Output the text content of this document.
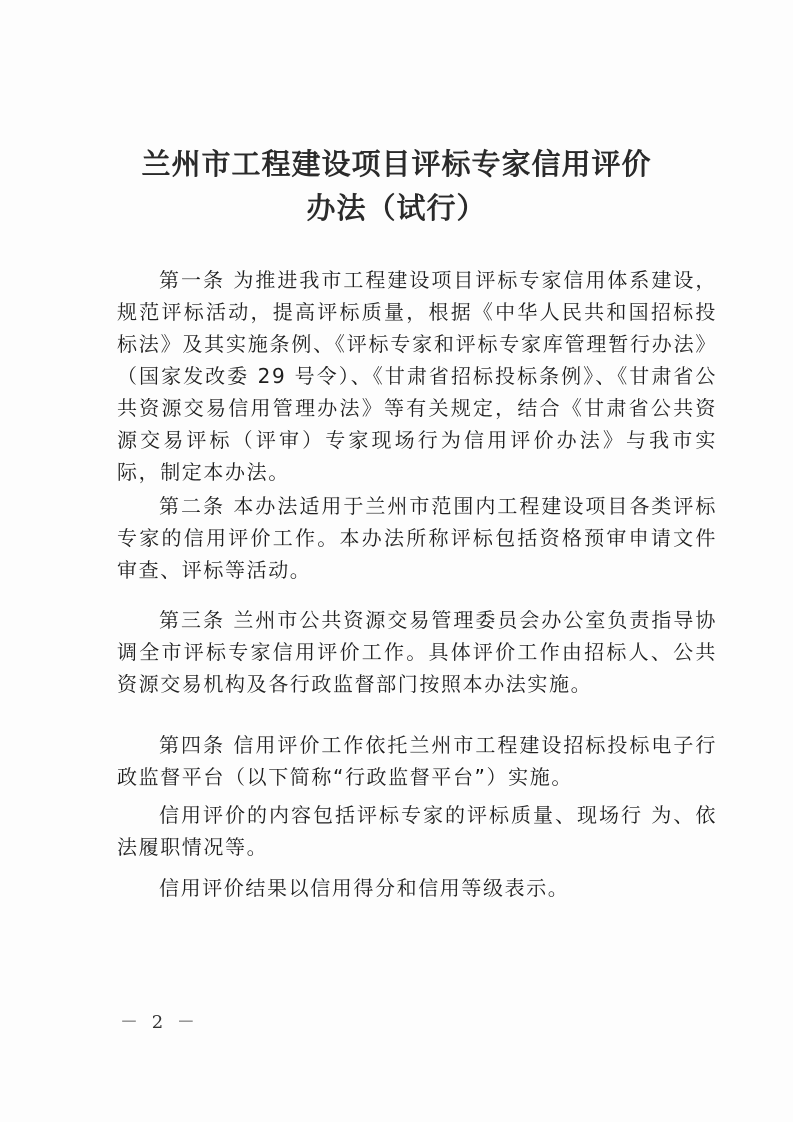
兰州市工程建设项目评标专家信用评价
办法（试行）

第一条 为推进我市工程建设项目评标专家信用体系建设，规范评标活动，提高评标质量，根据《中华人民共和国招标投标法》及其实施条例、《评标专家和评标专家库管理暂行办法》（国家发改委 29 号令）、《甘肃省招标投标条例》、《甘肃省公共资源交易信用管理办法》等有关规定，结合《甘肃省公共资源交易评标（评审）专家现场行为信用评价办法》与我市实际，制定本办法。

第二条 本办法适用于兰州市范围内工程建设项目各类评标专家的信用评价工作。本办法所称评标包括资格预审申请文件审查、评标等活动。

第三条 兰州市公共资源交易管理委员会办公室负责指导协调全市评标专家信用评价工作。具体评价工作由招标人、公共资源交易机构及各行政监督部门按照本办法实施。

第四条 信用评价工作依托兰州市工程建设招标投标电子行政监督平台（以下简称“行政监督平台”）实施。

信用评价的内容包括评标专家的评标质量、现场行 为、依法履职情况等。

信用评价结果以信用得分和信用等级表示。

－ 2 －
